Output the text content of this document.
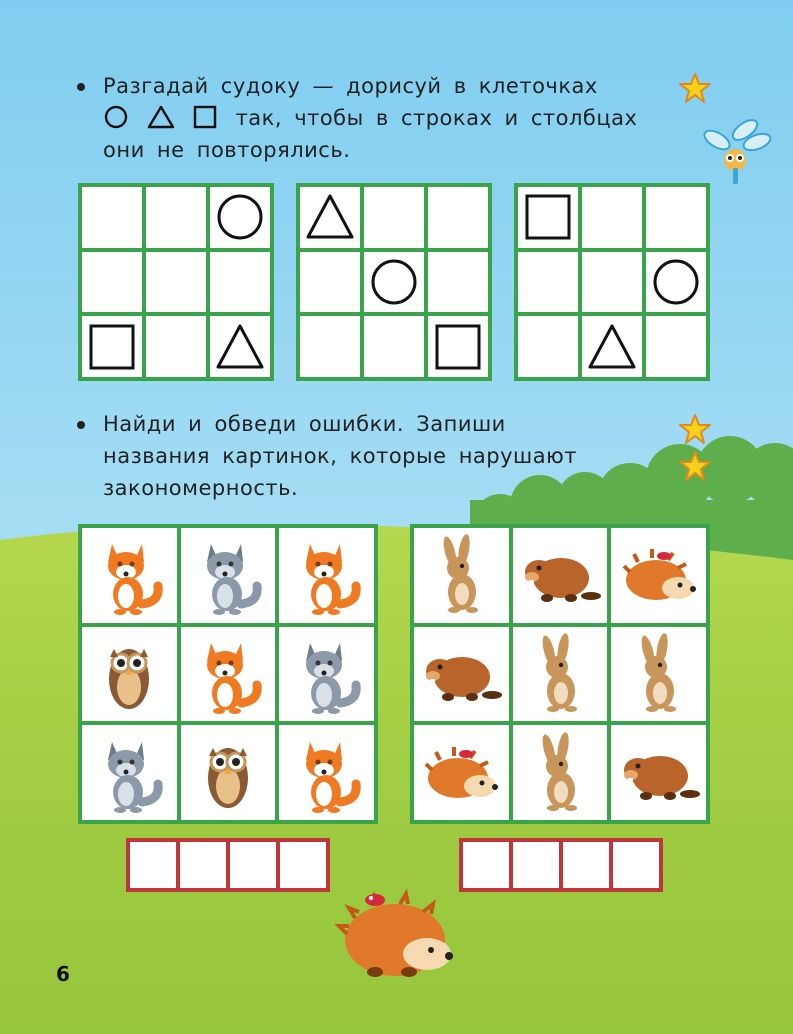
Разгадай судоку — дорисуй в клеточках
так, чтобы в строках и столбцах
они не повторялись.
Найди и обведи ошибки. Запиши
названия картинок, которые нарушают
закономерность.
6
